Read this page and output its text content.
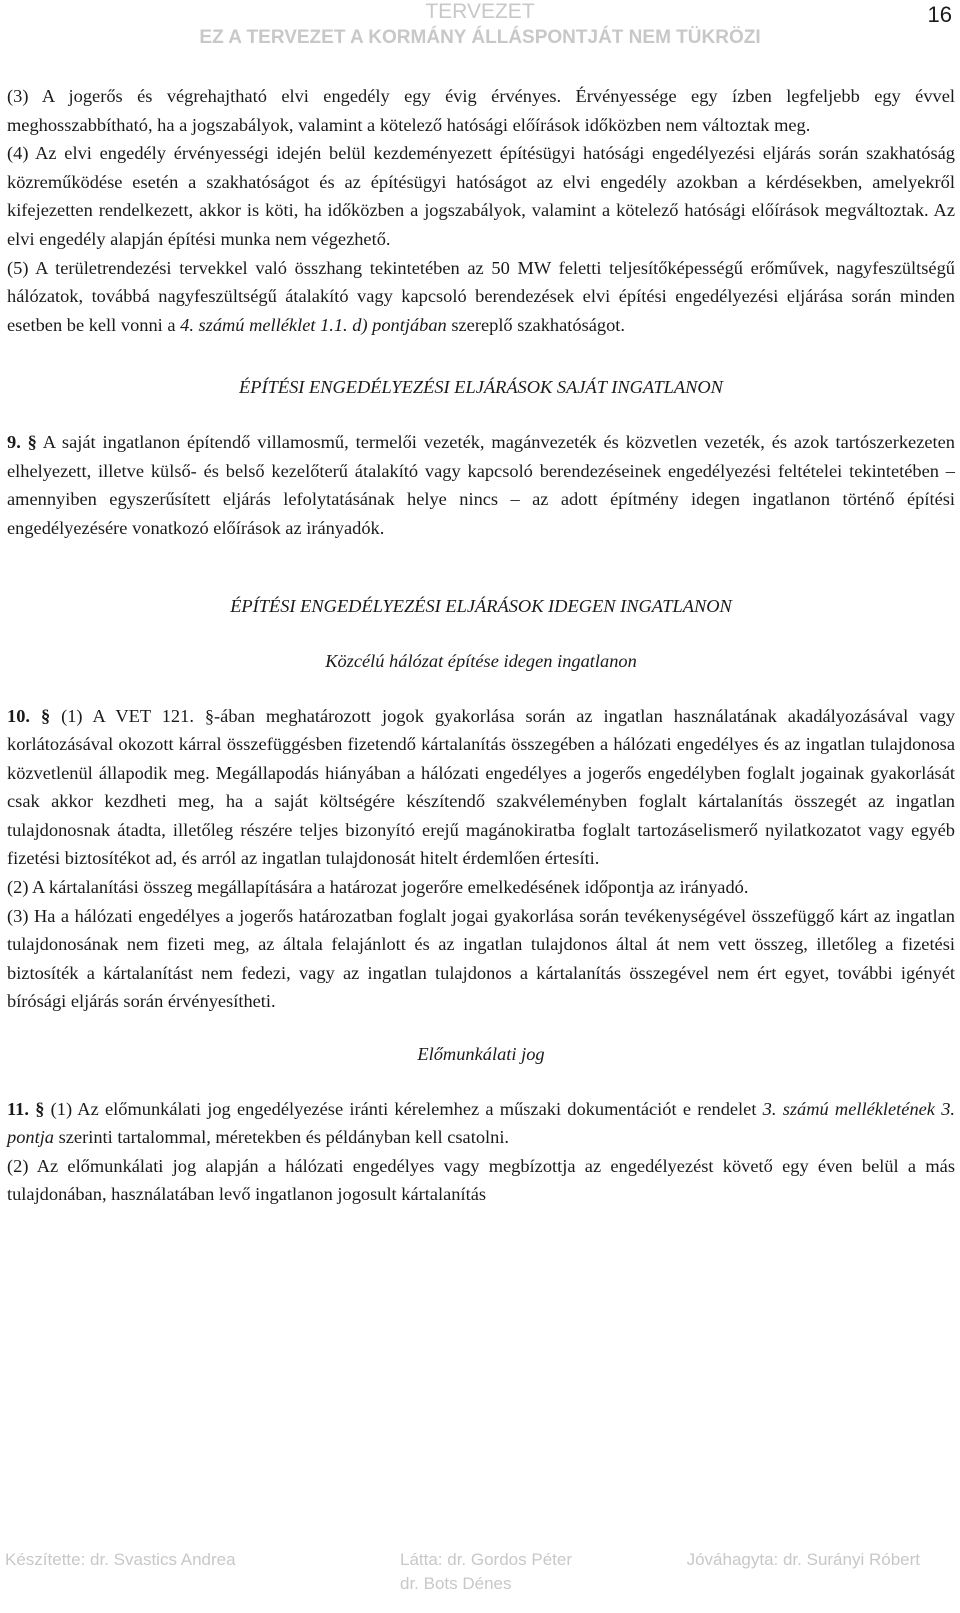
TERVEZET
EZ A TERVEZET A KORMÁNY ÁLLÁSPONTJÁT NEM TÜKRÖZI
16

(3) A jogerős és végrehajtható elvi engedély egy évig érvényes. Érvényessége egy ízben legfeljebb egy évvel meghosszabbítható, ha a jogszabályok, valamint a kötelező hatósági előírások időközben nem változtak meg.

(4) Az elvi engedély érvényességi idején belül kezdeményezett építésügyi hatósági engedélyezési eljárás során szakhatóság közreműködése esetén a szakhatóságot és az építésügyi hatóságot az elvi engedély azokban a kérdésekben, amelyekről kifejezetten rendelkezett, akkor is köti, ha időközben a jogszabályok, valamint a kötelező hatósági előírások megváltoztak. Az elvi engedély alapján építési munka nem végezhető.

(5) A területrendezési tervekkel való összhang tekintetében az 50 MW feletti teljesítőképességű erőművek, nagyfeszültségű hálózatok, továbbá nagyfeszültségű átalakító vagy kapcsoló berendezések elvi építési engedélyezési eljárása során minden esetben be kell vonni a 4. számú melléklet 1.1. d) pontjában szereplő szakhatóságot.

ÉPÍTÉSI ENGEDÉLYEZÉSI ELJÁRÁSOK SAJÁT INGATLANON

9. § A saját ingatlanon építendő villamosmű, termelői vezeték, magánvezeték és közvetlen vezeték, és azok tartószerkezeten elhelyezett, illetve külső- és belső kezelőterű átalakító vagy kapcsoló berendezéseinek engedélyezési feltételei tekintetében – amennyiben egyszerűsített eljárás lefolytatásának helye nincs – az adott építmény idegen ingatlanon történő építési engedélyezésére vonatkozó előírások az irányadók.

ÉPÍTÉSI ENGEDÉLYEZÉSI ELJÁRÁSOK IDEGEN INGATLANON
Közcélú hálózat építése idegen ingatlanon

10. § (1) A VET 121. §-ában meghatározott jogok gyakorlása során az ingatlan használatának akadályozásával vagy korlátozásával okozott kárral összefüggésben fizetendő kártalanítás összegében a hálózati engedélyes és az ingatlan tulajdonosa közvetlenül állapodik meg. Megállapodás hiányában a hálózati engedélyes a jogerős engedélyben foglalt jogainak gyakorlását csak akkor kezdheti meg, ha a saját költségére készítendő szakvéleményben foglalt kártalanítás összegét az ingatlan tulajdonosnak átadta, illetőleg részére teljes bizonyító erejű magánokiratba foglalt tartozáselismerő nyilatkozatot vagy egyéb fizetési biztosítékot ad, és arról az ingatlan tulajdonosát hitelt érdemlően értesíti.

(2) A kártalanítási összeg megállapítására a határozat jogerőre emelkedésének időpontja az irányadó.

(3) Ha a hálózati engedélyes a jogerős határozatban foglalt jogai gyakorlása során tevékenységével összefüggő kárt az ingatlan tulajdonosának nem fizeti meg, az általa felajánlott és az ingatlan tulajdonos által át nem vett összeg, illetőleg a fizetési biztosíték a kártalanítást nem fedezi, vagy az ingatlan tulajdonos a kártalanítás összegével nem ért egyet, további igényét bírósági eljárás során érvényesítheti.

Előmunkálati jog

11. § (1) Az előmunkálati jog engedélyezése iránti kérelemhez a műszaki dokumentációt e rendelet 3. számú mellékletének 3. pontja szerinti tartalommal, méretekben és példányban kell csatolni.

(2) Az előmunkálati jog alapján a hálózati engedélyes vagy megbízottja az engedélyezést követő egy éven belül a más tulajdonában, használatában levő ingatlanon jogosult kártalanítás

Készítette: dr. Svastics Andrea	Látta: dr. Gordos Péter	Jóváhagyta: dr. Surányi Róbert
dr. Bots Dénes
